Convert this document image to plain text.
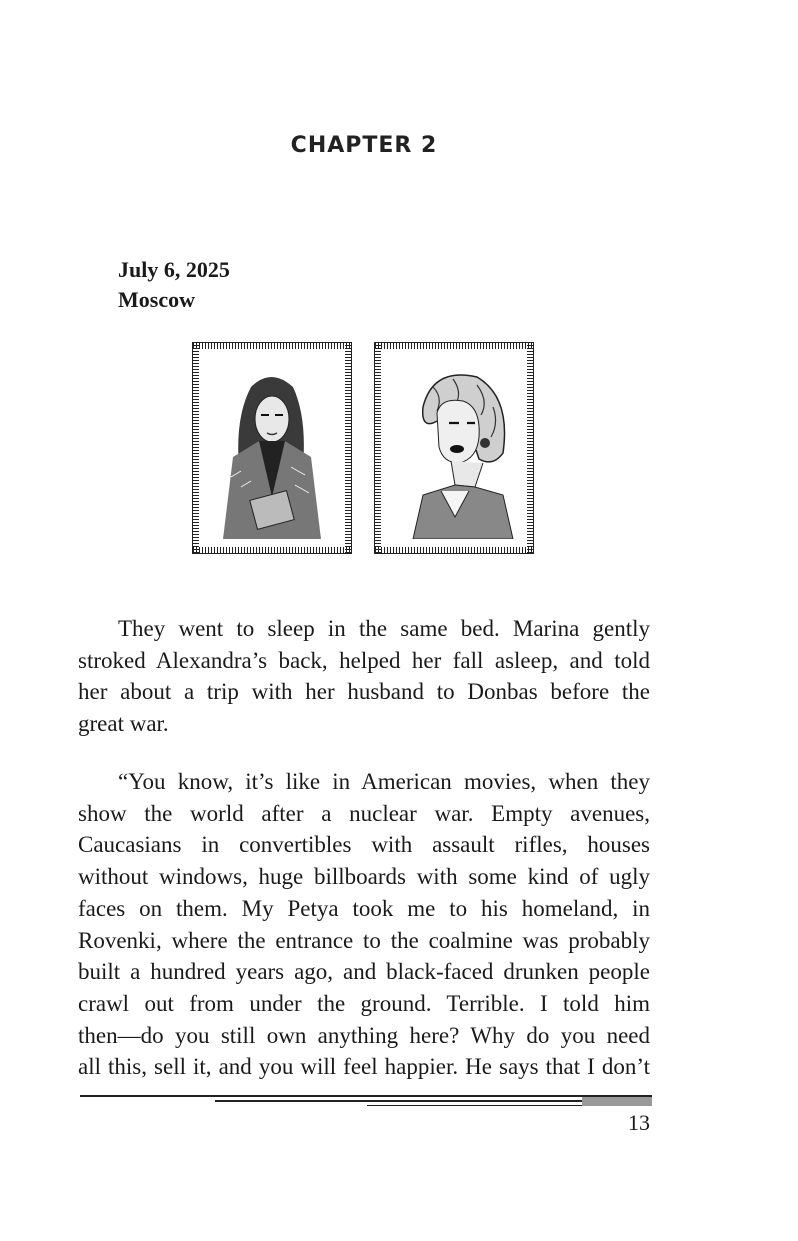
CHAPTER 2
July 6, 2025
Moscow
They went to sleep in the same bed. Marina gently
stroked Alexandra’s back, helped her fall asleep, and told
her about a trip with her husband to Donbas before the
great war.
“You know, it’s like in American movies, when they
show the world after a nuclear war. Empty avenues,
Caucasians in convertibles with assault rifles, houses
without windows, huge billboards with some kind of ugly
faces on them. My Petya took me to his homeland, in
Rovenki, where the entrance to the coalmine was probably
built a hundred years ago, and black-faced drunken people
crawl out from under the ground. Terrible. I told him
then—do you still own anything here? Why do you need
all this, sell it, and you will feel happier. He says that I don’t
13
